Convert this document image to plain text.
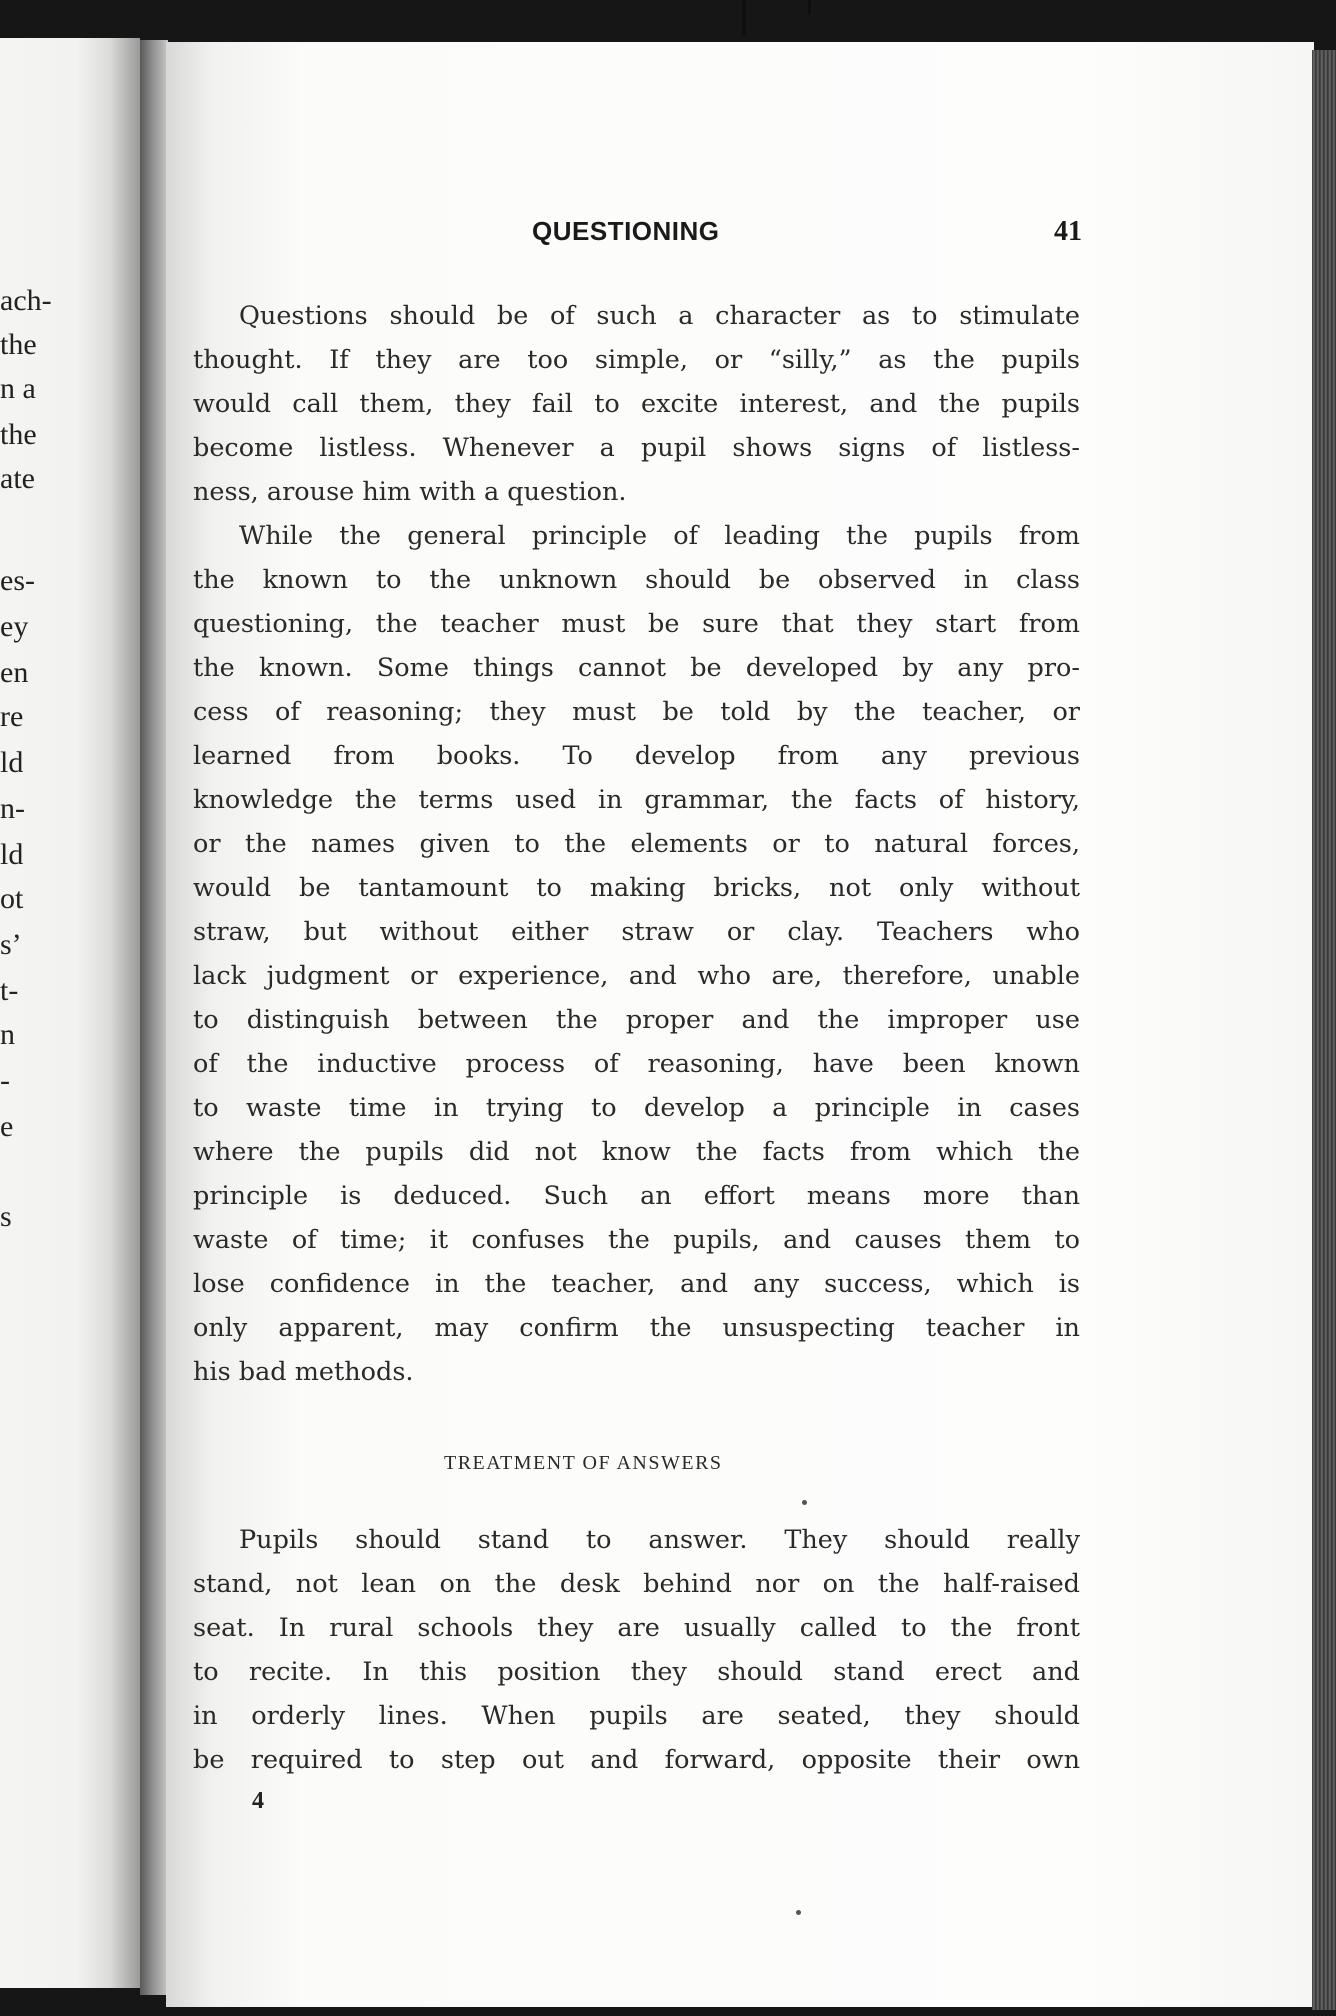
ach-
the
n a
the
ate
es-
ey
en
re
ld
n-
ld
ot
s’
t-
n
-
e
s
QUESTIONING	41
Questions should be of such a character as to stimulate
thought. If they are too simple, or “silly,” as the pupils
would call them, they fail to excite interest, and the pupils
become listless. Whenever a pupil shows signs of listless-
ness, arouse him with a question.
While the general principle of leading the pupils from
the known to the unknown should be observed in class
questioning, the teacher must be sure that they start from
the known. Some things cannot be developed by any pro-
cess of reasoning; they must be told by the teacher, or
learned from books. To develop from any previous
knowledge the terms used in grammar, the facts of history,
or the names given to the elements or to natural forces,
would be tantamount to making bricks, not only without
straw, but without either straw or clay. Teachers who
lack judgment or experience, and who are, therefore, unable
to distinguish between the proper and the improper use
of the inductive process of reasoning, have been known
to waste time in trying to develop a principle in cases
where the pupils did not know the facts from which the
principle is deduced. Such an effort means more than
waste of time; it confuses the pupils, and causes them to
lose confidence in the teacher, and any success, which is
only apparent, may confirm the unsuspecting teacher in
his bad methods.
TREATMENT OF ANSWERS
Pupils should stand to answer. They should really
stand, not lean on the desk behind nor on the half-raised
seat. In rural schools they are usually called to the front
to recite. In this position they should stand erect and
in orderly lines. When pupils are seated, they should
be required to step out and forward, opposite their own
4
